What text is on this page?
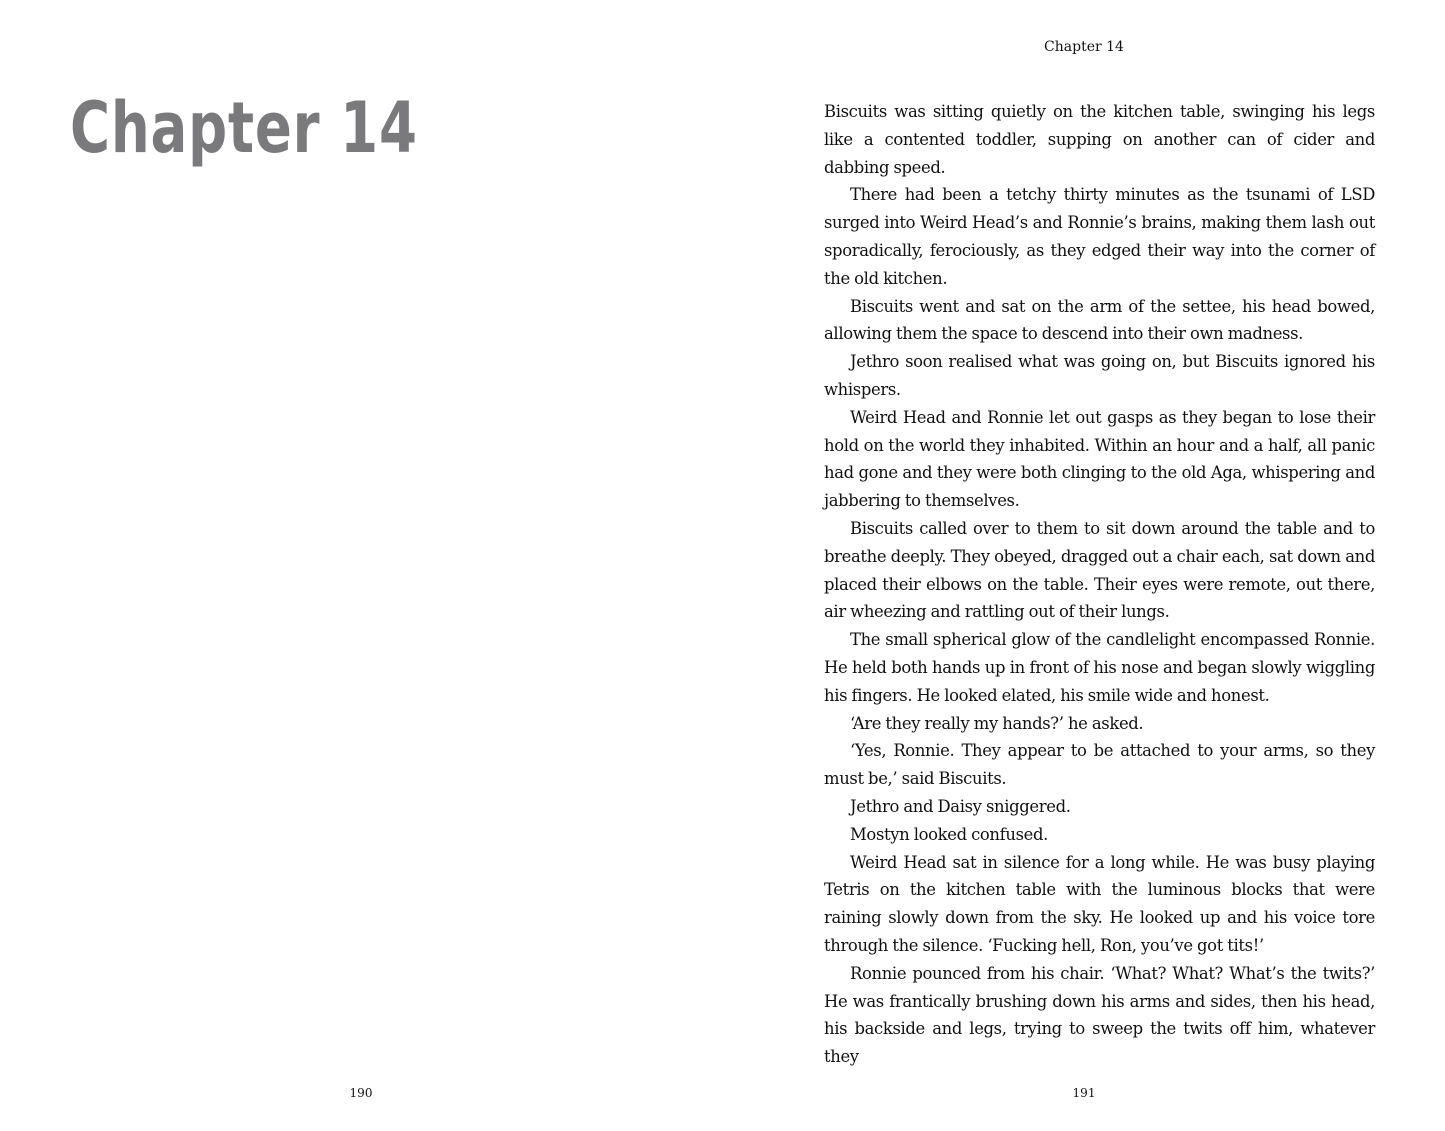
Chapter 14
190
Chapter 14

Biscuits was sitting quietly on the kitchen table, swinging his legs like a contented toddler, supping on another can of cider and dabbing speed.

There had been a tetchy thirty minutes as the tsunami of LSD surged into Weird Head’s and Ronnie’s brains, making them lash out sporadically, ferociously, as they edged their way into the corner of the old kitchen.

Biscuits went and sat on the arm of the settee, his head bowed, allowing them the space to descend into their own madness.

Jethro soon realised what was going on, but Biscuits ignored his whispers.

Weird Head and Ronnie let out gasps as they began to lose their hold on the world they inhabited. Within an hour and a half, all panic had gone and they were both clinging to the old Aga, whispering and jabbering to themselves.

Biscuits called over to them to sit down around the table and to breathe deeply. They obeyed, dragged out a chair each, sat down and placed their elbows on the table. Their eyes were remote, out there, air wheezing and rattling out of their lungs.

The small spherical glow of the candlelight encompassed Ronnie. He held both hands up in front of his nose and began slowly wiggling his fingers. He looked elated, his smile wide and honest.

‘Are they really my hands?’ he asked.

‘Yes, Ronnie. They appear to be attached to your arms, so they must be,’ said Biscuits.

Jethro and Daisy sniggered.

Mostyn looked confused.

Weird Head sat in silence for a long while. He was busy playing Tetris on the kitchen table with the luminous blocks that were raining slowly down from the sky. He looked up and his voice tore through the silence. ‘Fucking hell, Ron, you’ve got tits!’

Ronnie pounced from his chair. ‘What? What? What’s the twits?’ He was frantically brushing down his arms and sides, then his head, his backside and legs, trying to sweep the twits off him, whatever they

191
